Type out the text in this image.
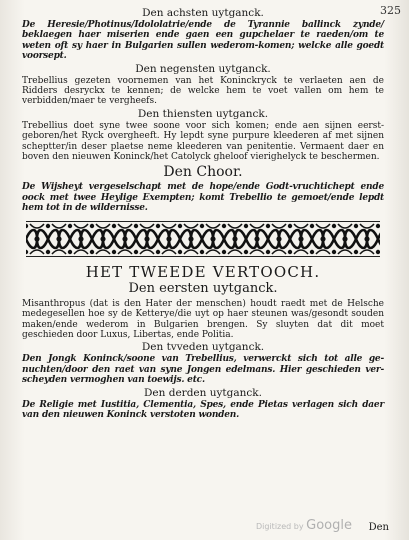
325
Den achsten uytganck.

De Heresie/Photinus/Idololatrie/ende de Tyrannie ballinck zynde/ beklaegen haer miserien ende gaen een gupchelaer te raeden/om te weten oft sy haer in Bulgarien sullen wederom-komen; welcke alle goedt voorsept.

Den negensten uytganck.

Trebellius gezeten voornemen van het Koninckryck te verlaeten aen de Ridders desryckx te kennen; de welcke hem te voet vallen om hem te verbidden/maer te vergheefs.

Den thiensten uytganck.

Trebellius doet syne twee soone voor sich komen; ende aen sijnen eerst-geboren/het Ryck overgheeft. Hy lepdt syne purpure kleederen af met sijnen scheptter/in deser plaetse neme kleederen van penitentie. Vermaent daer en boven den nieuwen Koninck/het Catolyck gheloof vierighelyck te beschermen.

Den Choor.

De Wijsheyt vergeselschapt met de hope/ende Godt-vruchtichept ende oock met twee Heylige Exempten; komt Trebellio te gemoet/ende lepdt hem tot in de wildernisse.

HET TWEEDE VERTOOCH.
Den eersten uytganck.

Misanthropus (dat is den Hater der menschen) houdt raedt met de Helsche medegesellen hoe sy de Ketterye/die uyt op haer steunen was/gesondt souden maken/ende wederom in Bulgarien brengen. Sy sluyten dat dit moet geschieden door Luxus, Libertas, ende Politia.

Den tvveden uytganck.

Den Jongk Koninck/soone van Trebellius, verwerckt sich tot alle ge-nuchten/door den raet van syne Jongen edelmans. Hier geschieden ver-scheyden vermoghen van toewijs. etc.

Den derden uytganck.

De Religie met Iustitia, Clementia, Spes, ende Pietas verlagen sich daer van den nieuwen Koninck verstoten wonden.

Digitized by Google Den
